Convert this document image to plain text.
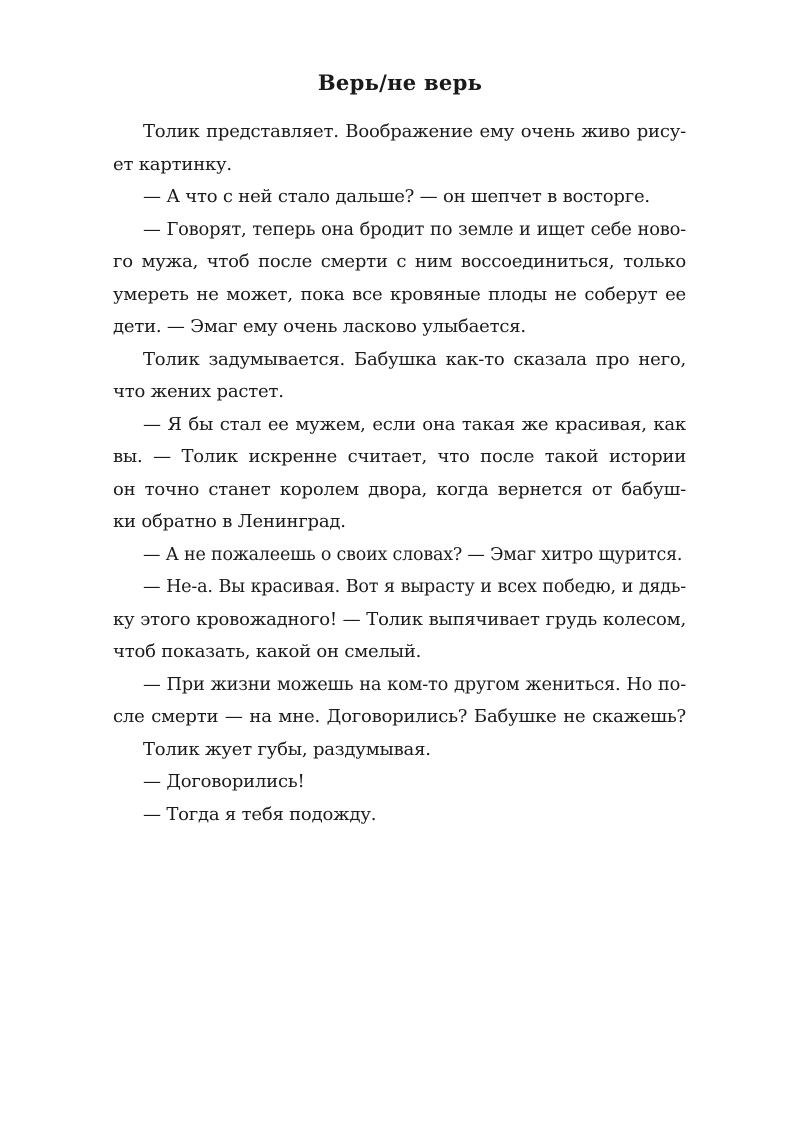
Верь/не верь
Толик представляет. Воображение ему очень живо рису-
ет картинку.
— А что с ней стало дальше? — он шепчет в восторге.
— Говорят, теперь она бродит по земле и ищет себе ново-
го мужа, чтоб после смерти с ним воссоединиться, только
умереть не может, пока все кровяные плоды не соберут ее
дети. — Эмаг ему очень ласково улыбается.
Толик задумывается. Бабушка как-то сказала про него,
что жених растет.
— Я бы стал ее мужем, если она такая же красивая, как
вы. — Толик искренне считает, что после такой истории
он точно станет королем двора, когда вернется от бабуш-
ки обратно в Ленинград.
— А не пожалеешь о своих словах? — Эмаг хитро щурится.
— Не-а. Вы красивая. Вот я вырасту и всех победю, и дядь-
ку этого кровожадного! — Толик выпячивает грудь колесом,
чтоб показать, какой он смелый.
— При жизни можешь на ком-то другом жениться. Но по-
сле смерти — на мне. Договорились? Бабушке не скажешь?
Толик жует губы, раздумывая.
— Договорились!
— Тогда я тебя подожду.
